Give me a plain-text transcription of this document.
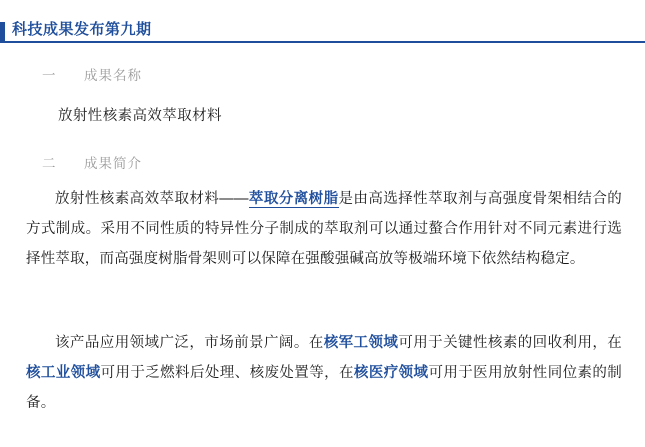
科技成果发布第九期
一 成果名称
放射性核素高效萃取材料
二 成果简介
放射性核素高效萃取材料——萃取分离树脂是由高选择性萃取剂与高强度骨架相结合的方式制成。采用不同性质的特异性分子制成的萃取剂可以通过螯合作用针对不同元素进行选择性萃取，而高强度树脂骨架则可以保障在强酸强碱高放等极端环境下依然结构稳定。
该产品应用领域广泛，市场前景广阔。在核军工领域可用于关键性核素的回收利用，在核工业领域可用于乏燃料后处理、核废处置等，在核医疗领域可用于医用放射性同位素的制备。
